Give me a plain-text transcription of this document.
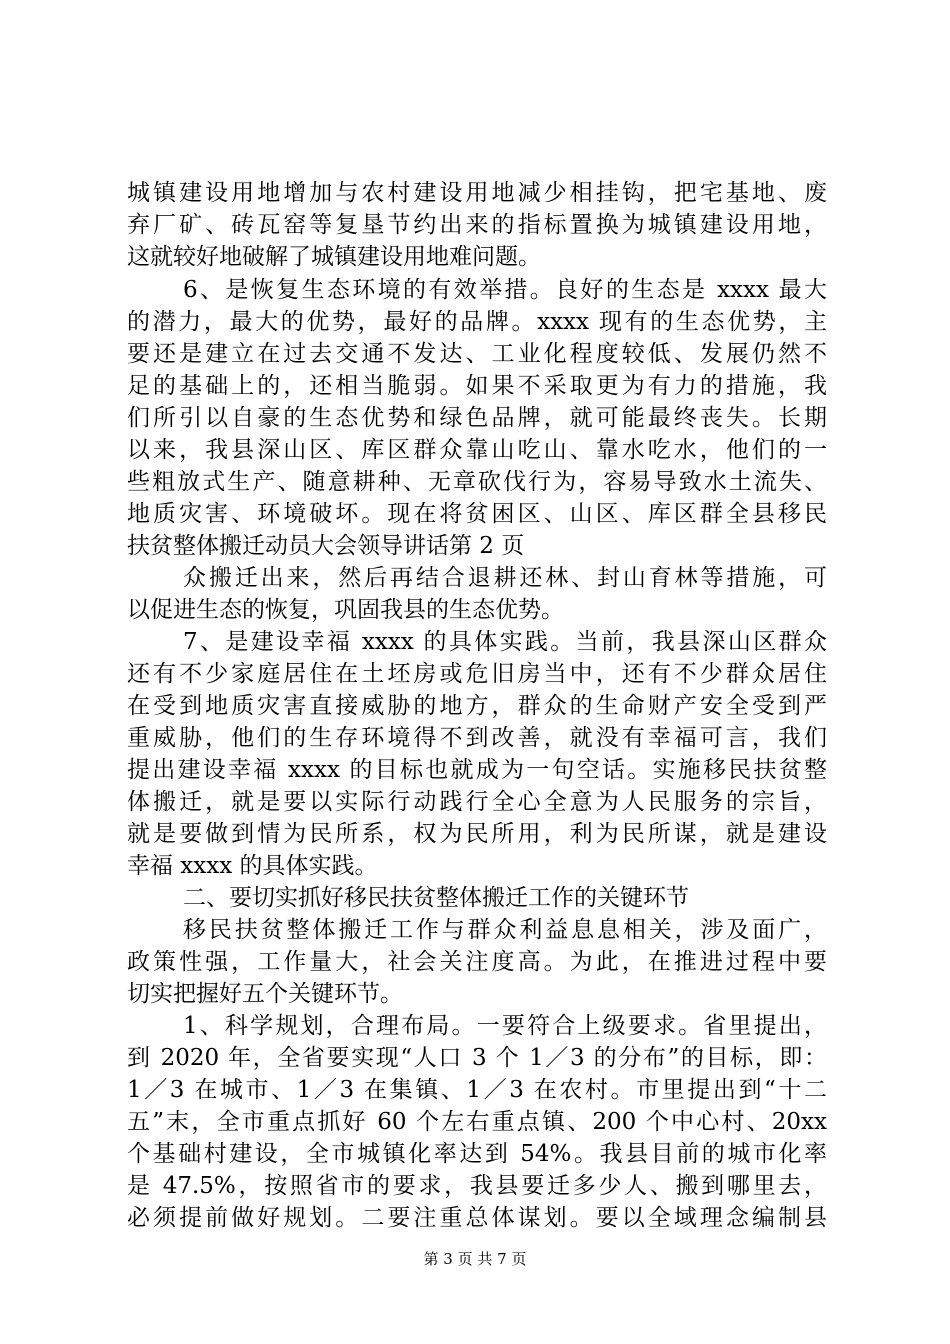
城镇建设用地增加与农村建设用地减少相挂钩，把宅基地、废
弃厂矿、砖瓦窑等复垦节约出来的指标置换为城镇建设用地，
这就较好地破解了城镇建设用地难问题。
6、是恢复生态环境的有效举措。良好的生态是 xxxx 最大
的潜力，最大的优势，最好的品牌。xxxx 现有的生态优势，主
要还是建立在过去交通不发达、工业化程度较低、发展仍然不
足的基础上的，还相当脆弱。如果不采取更为有力的措施，我
们所引以自豪的生态优势和绿色品牌，就可能最终丧失。长期
以来，我县深山区、库区群众靠山吃山、靠水吃水，他们的一
些粗放式生产、随意耕种、无章砍伐行为，容易导致水土流失、
地质灾害、环境破坏。现在将贫困区、山区、库区群全县移民
扶贫整体搬迁动员大会领导讲话第 2 页
众搬迁出来，然后再结合退耕还林、封山育林等措施，可
以促进生态的恢复，巩固我县的生态优势。
7、是建设幸福 xxxx 的具体实践。当前，我县深山区群众
还有不少家庭居住在土坯房或危旧房当中，还有不少群众居住
在受到地质灾害直接威胁的地方，群众的生命财产安全受到严
重威胁，他们的生存环境得不到改善，就没有幸福可言，我们
提出建设幸福 xxxx 的目标也就成为一句空话。实施移民扶贫整
体搬迁，就是要以实际行动践行全心全意为人民服务的宗旨，
就是要做到情为民所系，权为民所用，利为民所谋，就是建设
幸福 xxxx 的具体实践。
二、要切实抓好移民扶贫整体搬迁工作的关键环节
移民扶贫整体搬迁工作与群众利益息息相关，涉及面广，
政策性强，工作量大，社会关注度高。为此，在推进过程中要
切实把握好五个关键环节。
1、科学规划，合理布局。一要符合上级要求。省里提出，
到 2020 年，全省要实现“人口 3 个 1／3 的分布”的目标，即：
1／3 在城市、1／3 在集镇、1／3 在农村。市里提出到“十二
五”末，全市重点抓好 60 个左右重点镇、200 个中心村、20xx
个基础村建设，全市城镇化率达到 54%。我县目前的城市化率
是 47.5%，按照省市的要求，我县要迁多少人、搬到哪里去，
必须提前做好规划。二要注重总体谋划。要以全域理念编制县
第 3 页 共 7 页
